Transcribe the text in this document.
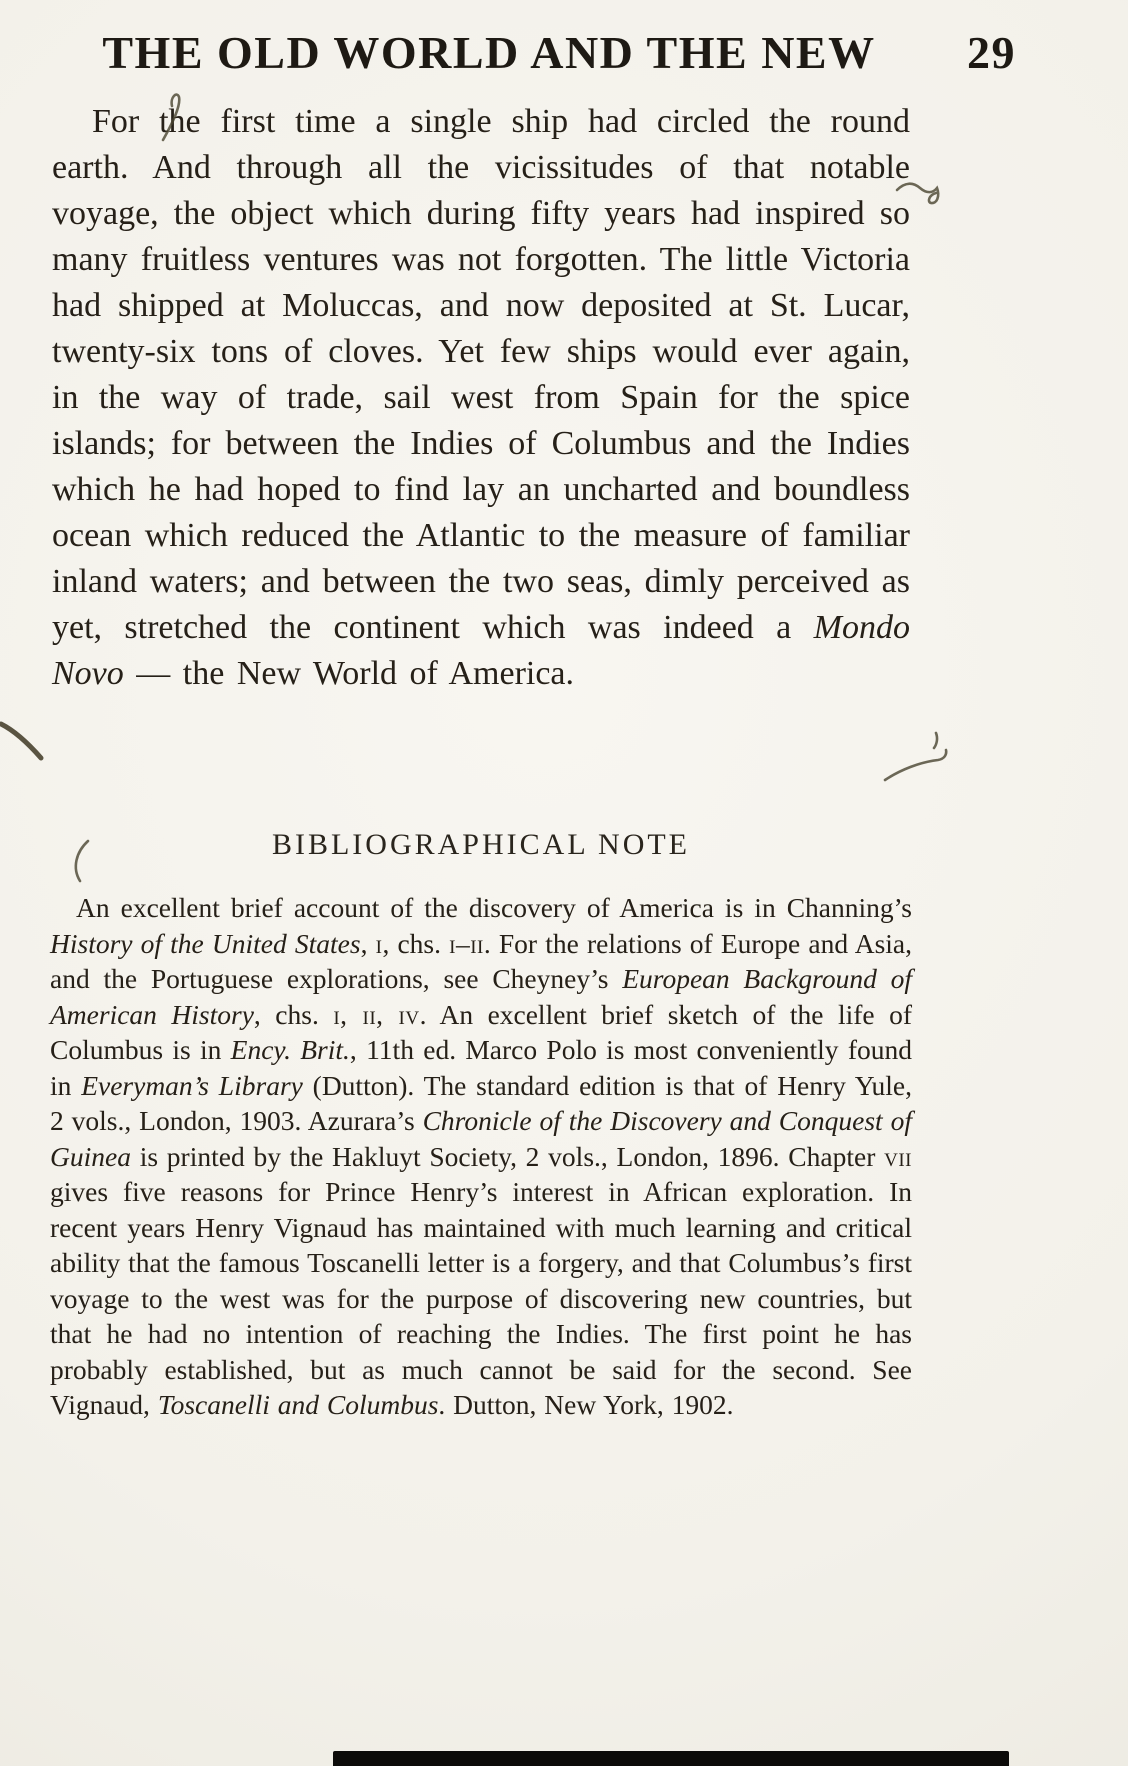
THE OLD WORLD AND THE NEW	29

For the first time a single ship had circled the round earth. And through all the vicissitudes of that notable voyage, the object which during fifty years had inspired so many fruitless ventures was not forgotten. The little Victoria had shipped at Moluccas, and now deposited at St. Lucar, twenty-six tons of cloves. Yet few ships would ever again, in the way of trade, sail west from Spain for the spice islands; for between the Indies of Columbus and the Indies which he had hoped to find lay an uncharted and boundless ocean which reduced the Atlantic to the measure of familiar inland waters; and between the two seas, dimly perceived as yet, stretched the continent which was indeed a Mondo Novo — the New World of America.

BIBLIOGRAPHICAL NOTE

An excellent brief account of the discovery of America is in Channing’s History of the United States, i, chs. i–ii. For the relations of Europe and Asia, and the Portuguese explorations, see Cheyney’s European Background of American History, chs. i, ii, iv. An excellent brief sketch of the life of Columbus is in Ency. Brit., 11th ed. Marco Polo is most conveniently found in Everyman’s Library (Dutton). The standard edition is that of Henry Yule, 2 vols., London, 1903. Azurara’s Chronicle of the Discovery and Conquest of Guinea is printed by the Hakluyt Society, 2 vols., London, 1896. Chapter vii gives five reasons for Prince Henry’s interest in African exploration. In recent years Henry Vignaud has maintained with much learning and critical ability that the famous Toscanelli letter is a forgery, and that Columbus’s first voyage to the west was for the purpose of discovering new countries, but that he had no intention of reaching the Indies. The first point he has probably established, but as much cannot be said for the second. See Vignaud, Toscanelli and Columbus. Dutton, New York, 1902.
